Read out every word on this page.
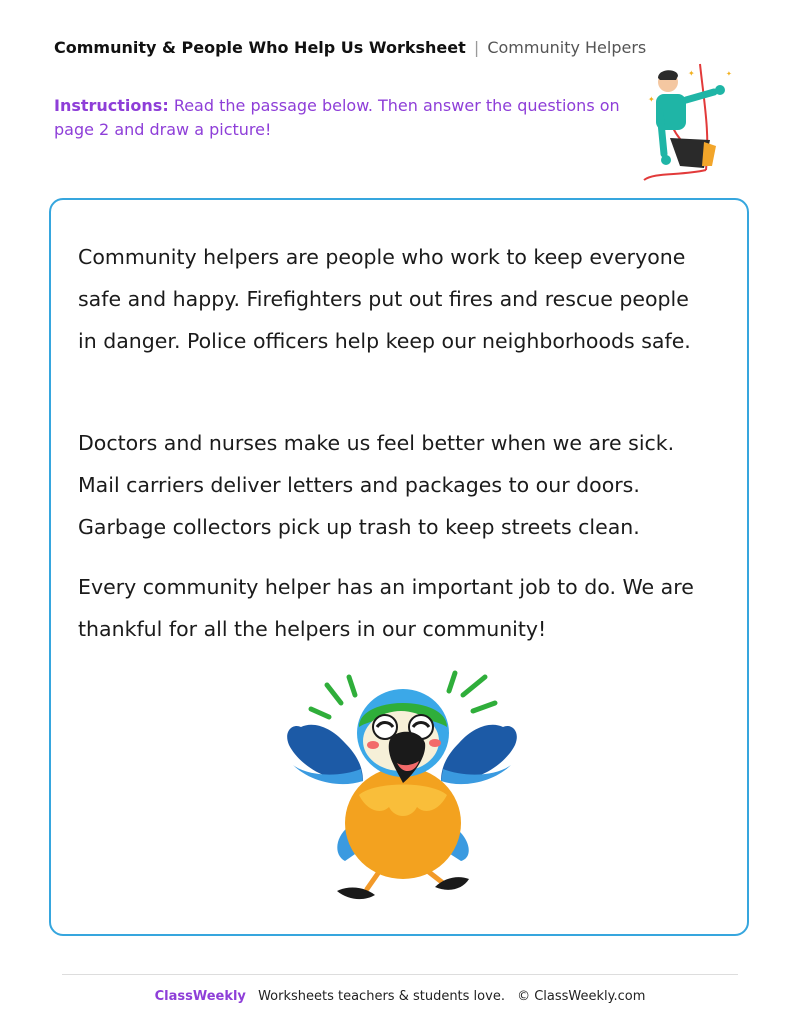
Community & People Who Help Us Worksheet | Community Helpers
Instructions: Read the passage below. Then answer the questions on page 2 and draw a picture!
✦
✦	✦

Community helpers are people who work to keep everyone safe and happy. Firefighters put out fires and rescue people in danger. Police officers help keep our neighborhoods safe.

Doctors and nurses make us feel better when we are sick. Mail carriers deliver letters and packages to our doors. Garbage collectors pick up trash to keep streets clean.

Every community helper has an important job to do. We are thankful for all the helpers in our community!

ClassWeekly Worksheets teachers & students love. © ClassWeekly.com
